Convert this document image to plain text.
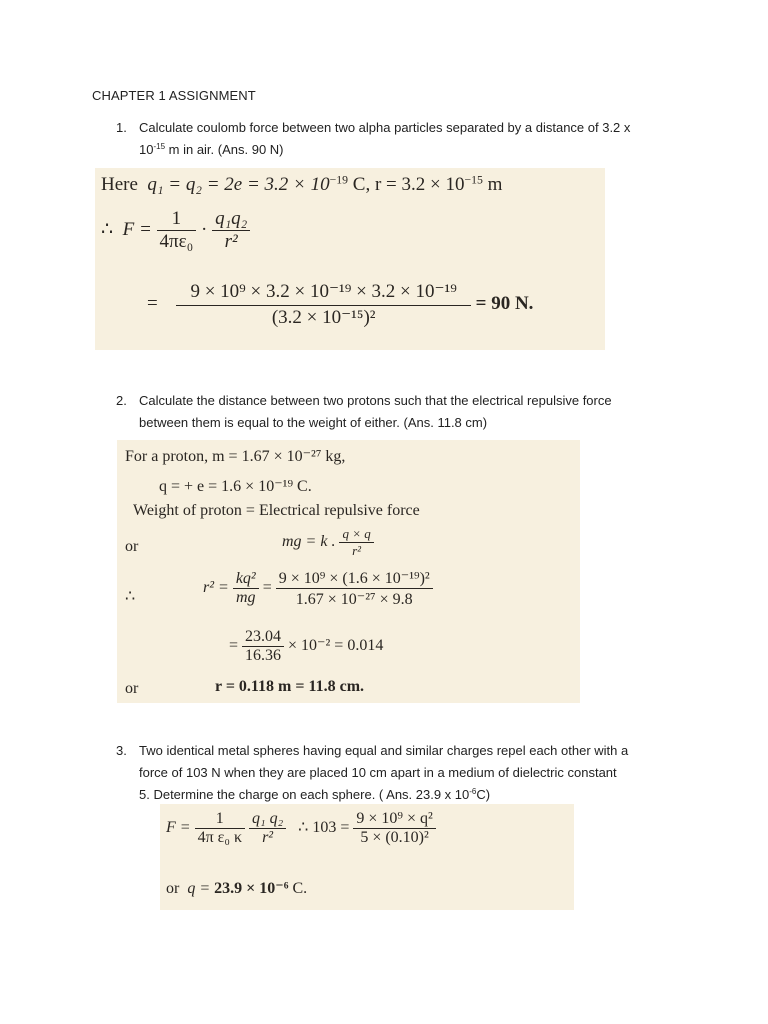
CHAPTER 1 ASSIGNMENT
1. Calculate coulomb force between two alpha particles separated by a distance of 3.2 x
$10^{-15}$ m in air. (Ans. 90 N)
Here $q_1 = q_2 = 2e = 3.2 \times 10^{-19}$ C, $r = 3.2 \times 10^{-15}$ m
∴ $F = \frac{1}{\text{4πε₀}} \cdot \frac{\text{q₁q₂}}{\text{r²}}$
= $\frac{\text{9 × 10⁹ × 3.2 × 10⁻¹⁹ × 3.2 × 10⁻¹⁹}}{\text{(3.2 × 10⁻¹⁵)²}} = 90$ N.
2. Calculate the distance between two protons such that the electrical repulsive force
between them is equal to the weight of either. (Ans. 11.8 cm)
For a proton, m = 1.67 × 10⁻²⁷ kg,
q = + e = 1.6 × 10⁻¹⁹ C.
Weight of proton = Electrical repulsive force
or	mg = k . $\frac{q \times q}{\text{r²}}$
∴
$r^2 = \frac{\text{kq²}}{mg} = \frac{\text{9 × 10⁹ × (1.6 × 10⁻¹⁹)²}}{\text{1.67 × 10⁻²⁷ × 9.8}}$
= $\frac{23.04}{16.36} \times 10^{-2} = 0.014$
or	r = 0.118 m = 11.8 cm.
3. Two identical metal spheres having equal and similar charges repel each other with a
force of 103 N when they are placed 10 cm apart in a medium of dielectric constant
5. Determine the charge on each sphere. ( Ans. 23.9 x $10^{-6}C$)
$F = \frac{1}{\text{4π ε₀ κ}}$
$\frac{\text{q₁ q₂}}{\text{r²}}$ ∴ $103 = \frac{\text{9 × 10⁹ × q²}}{\text{5 × (0.10)²}}$
or q = 23.9 × 10⁻⁶ C.
